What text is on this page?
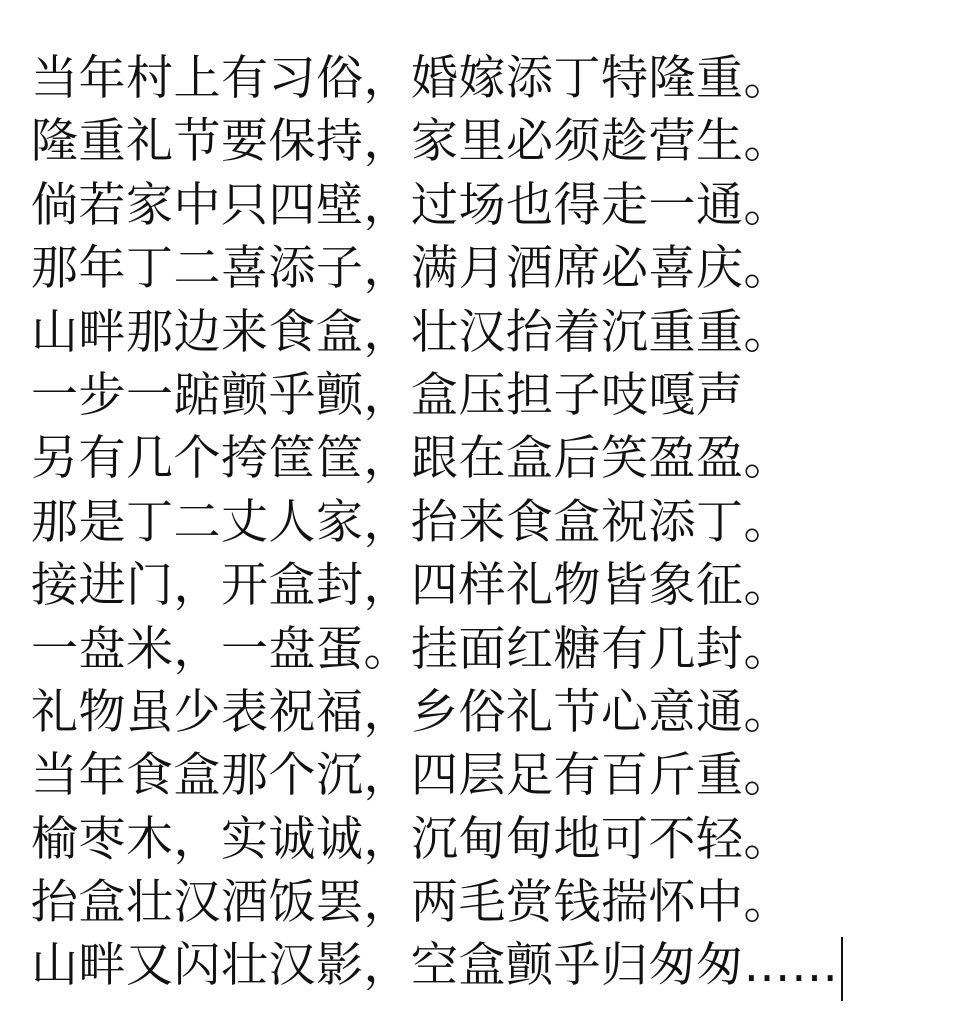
当年村上有习俗，婚嫁添丁特隆重。
隆重礼节要保持，家里必须趁营生。
倘若家中只四壁，过场也得走一通。
那年丁二喜添子，满月酒席必喜庆。
山畔那边来食盒，壮汉抬着沉重重。
一步一踮颤乎颤，盒压担子吱嘎声
另有几个挎筐筐，跟在盒后笑盈盈。
那是丁二丈人家，抬来食盒祝添丁。
接进门，开盒封，四样礼物皆象征。
一盘米，一盘蛋。挂面红糖有几封。
礼物虽少表祝福，乡俗礼节心意通。
当年食盒那个沉，四层足有百斤重。
榆枣木，实诚诚，沉甸甸地可不轻。
抬盒壮汉酒饭罢，两毛赏钱揣怀中。
山畔又闪壮汉影，空盒颤乎归匆匆……
